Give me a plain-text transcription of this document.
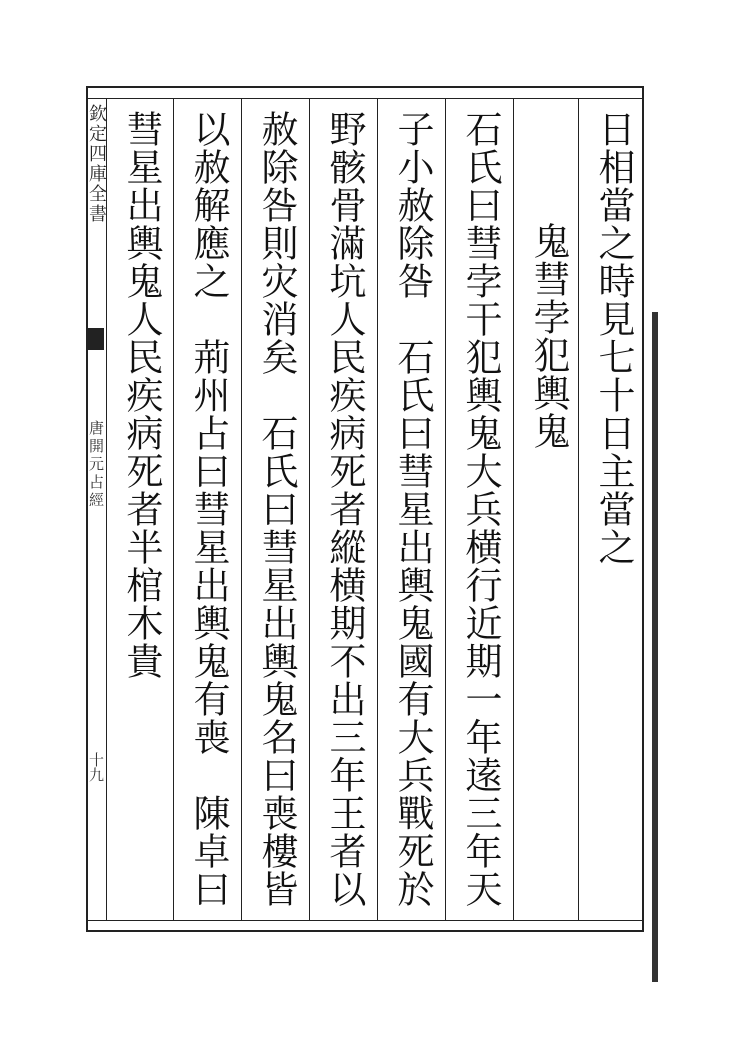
欽定四庫全書
唐開元占經
十九
日相當之時見七十日主當之
鬼彗孛犯輿鬼
石氏曰彗孛干犯輿鬼大兵横行近期一年逺三年天
子小赦除咎　石氏曰彗星出輿鬼國有大兵戰死於
野骸骨滿坑人民疾病死者縱横期不出三年王者以
赦除咎則灾消矣　石氏曰彗星出輿鬼名曰喪樓皆
以赦解應之　荊州占曰彗星出輿鬼有喪　陳卓曰
彗星出輿鬼人民疾病死者半棺木貴
